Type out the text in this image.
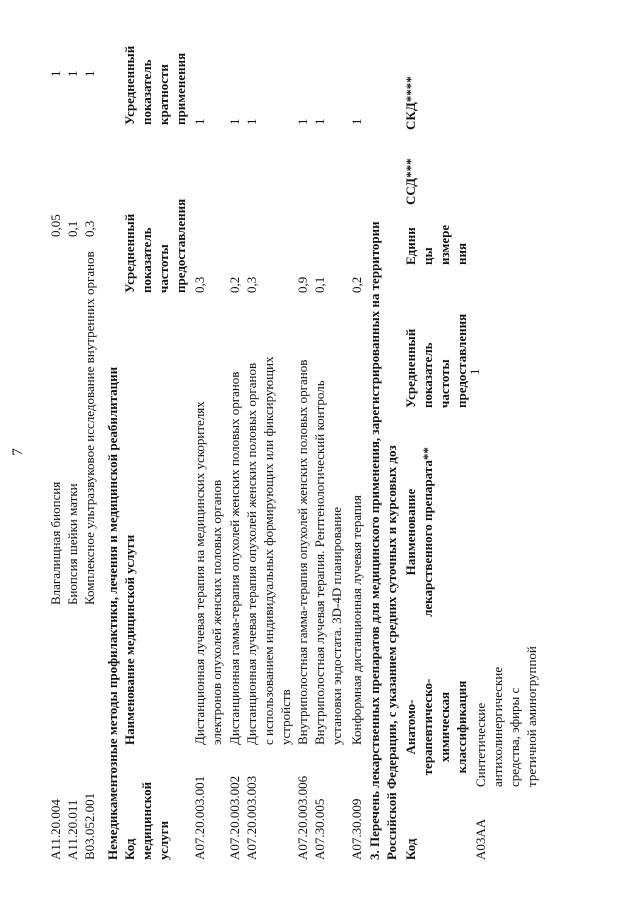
7
A11.20.004
Влагалищная биопсия
0,05
1
A11.20.011
Биопсия шейки матки
0,1
1
B03.052.001
Комплексное ультразвуковое исследование внутренних органов
0,3
1
Немедикаментозные методы профилактики, лечения и медицинской реабилитации Код медицинской услуги
Наименование медицинской услуги
Усредненный показатель частоты предоставления
Усредненный показатель кратности применения
A07.20.003.001
Дистанционная лучевая терапия на медицинских ускорителях электронов опухолей женских половых органов
0,3
1
A07.20.003.002
Дистанционная гамма-терапия опухолей женских половых органов
0,2
1
A07.20.003.003
Дистанционная лучевая терапия опухолей женских половых органов с использованием индивидуальных формирующих или фиксирующих устройств
0,3
1
A07.20.003.006
Внутриполостная гамма-терапия опухолей женских половых органов
0,9
1
A07.30.005
Внутриполостная лучевая терапия. Рентгенологический контроль установки эндостата. 3D-4D планирование
0,1
1
A07.30.009
Конформная дистанционная лучевая терапия
0,2
1
3. Перечень лекарственных препаратов для медицинского применения, зарегистрированных на территории Российской Федерации, с указанием средних суточных и курсовых доз Код
Анатомо- терапевтическо- химическая классификация
Наименование лекарственного препарата**
Усредненный показатель частоты предоставления
Едини цы измере ния
ССД***
СКД****
A03AA
Синтетические антихолинергические средства, эфиры с третичной аминогруппой
1
